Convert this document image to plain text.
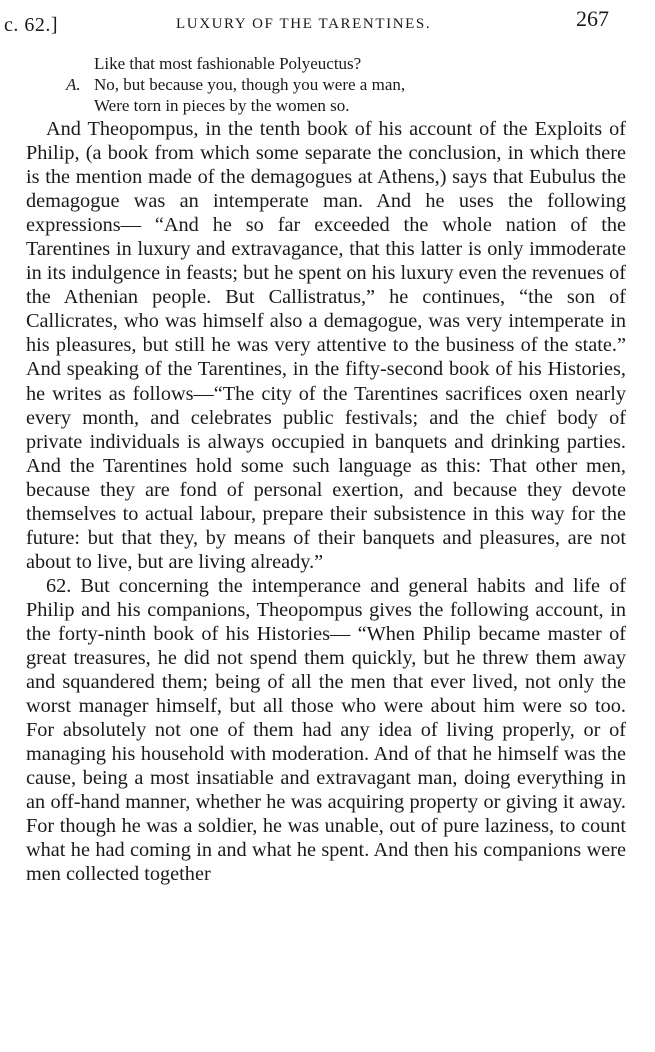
c. 62.]	LUXURY OF THE TARENTINES.	267
Like that most fashionable Polyeuctus?
A. No, but because you, though you were a man,
Were torn in pieces by the women so.

And Theopompus, in the tenth book of his account of the Exploits of Philip, (a book from which some separate the conclusion, in which there is the mention made of the demagogues at Athens,) says that Eubulus the demagogue was an intemperate man. And he uses the following expressions— “And he so far exceeded the whole nation of the Tarentines in luxury and extravagance, that this latter is only immoderate in its indulgence in feasts; but he spent on his luxury even the revenues of the Athenian people. But Callistratus,” he continues, “the son of Callicrates, who was himself also a demagogue, was very intemperate in his pleasures, but still he was very attentive to the business of the state.” And speaking of the Tarentines, in the fifty-second book of his Histories, he writes as follows—“The city of the Tarentines sacrifices oxen nearly every month, and celebrates public festivals; and the chief body of private individuals is always occupied in banquets and drinking parties. And the Tarentines hold some such language as this: That other men, because they are fond of personal exertion, and because they devote themselves to actual labour, prepare their subsistence in this way for the future: but that they, by means of their banquets and pleasures, are not about to live, but are living already.”

62. But concerning the intemperance and general habits and life of Philip and his companions, Theopompus gives the following account, in the forty-ninth book of his Histories— “When Philip became master of great treasures, he did not spend them quickly, but he threw them away and squandered them; being of all the men that ever lived, not only the worst manager himself, but all those who were about him were so too. For absolutely not one of them had any idea of living properly, or of managing his household with moderation. And of that he himself was the cause, being a most insatiable and extravagant man, doing everything in an off-hand manner, whether he was acquiring property or giving it away. For though he was a soldier, he was unable, out of pure laziness, to count what he had coming in and what he spent. And then his companions were men collected together
